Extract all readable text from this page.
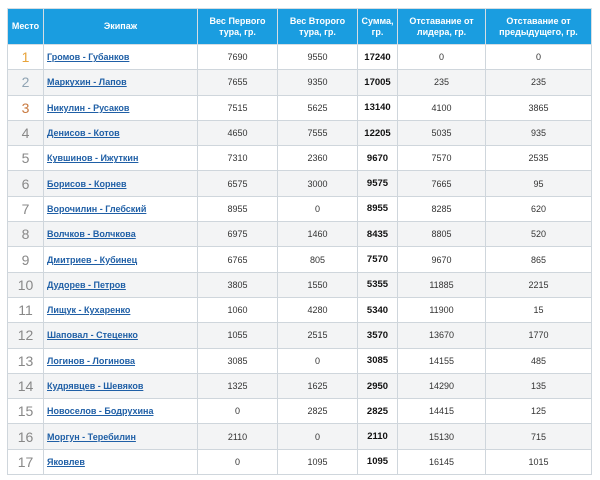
Место	Экипаж	Вес Первого тура, гр.	Вес Второго тура, гр.	Сумма, гр.	Отставание от лидера, гр.	Отставание от предыдущего, гр.
1	Громов - Губанков	7690	9550	17240	0	0
2	Маркухин - Лапов	7655	9350	17005	235	235
3	Никулин - Русаков	7515	5625	13140	4100	3865
4	Денисов - Котов	4650	7555	12205	5035	935
5	Кувшинов - Ижуткин	7310	2360	9670	7570	2535
6	Борисов - Корнев	6575	3000	9575	7665	95
7	Ворочилин - Глебский	8955	0	8955	8285	620
8	Волчков - Волчкова	6975	1460	8435	8805	520
9	Дмитриев - Кубинец	6765	805	7570	9670	865
10	Дудорев - Петров	3805	1550	5355	11885	2215
11	Лищук - Кухаренко	1060	4280	5340	11900	15
12	Шаповал - Стеценко	1055	2515	3570	13670	1770
13	Логинов - Логинова	3085	0	3085	14155	485
14	Кудрявцев - Шевяков	1325	1625	2950	14290	135
15	Новоселов - Бодрухина	0	2825	2825	14415	125
16	Моргун - Теребилин	2110	0	2110	15130	715
17	Яковлев	0	1095	1095	16145	1015
